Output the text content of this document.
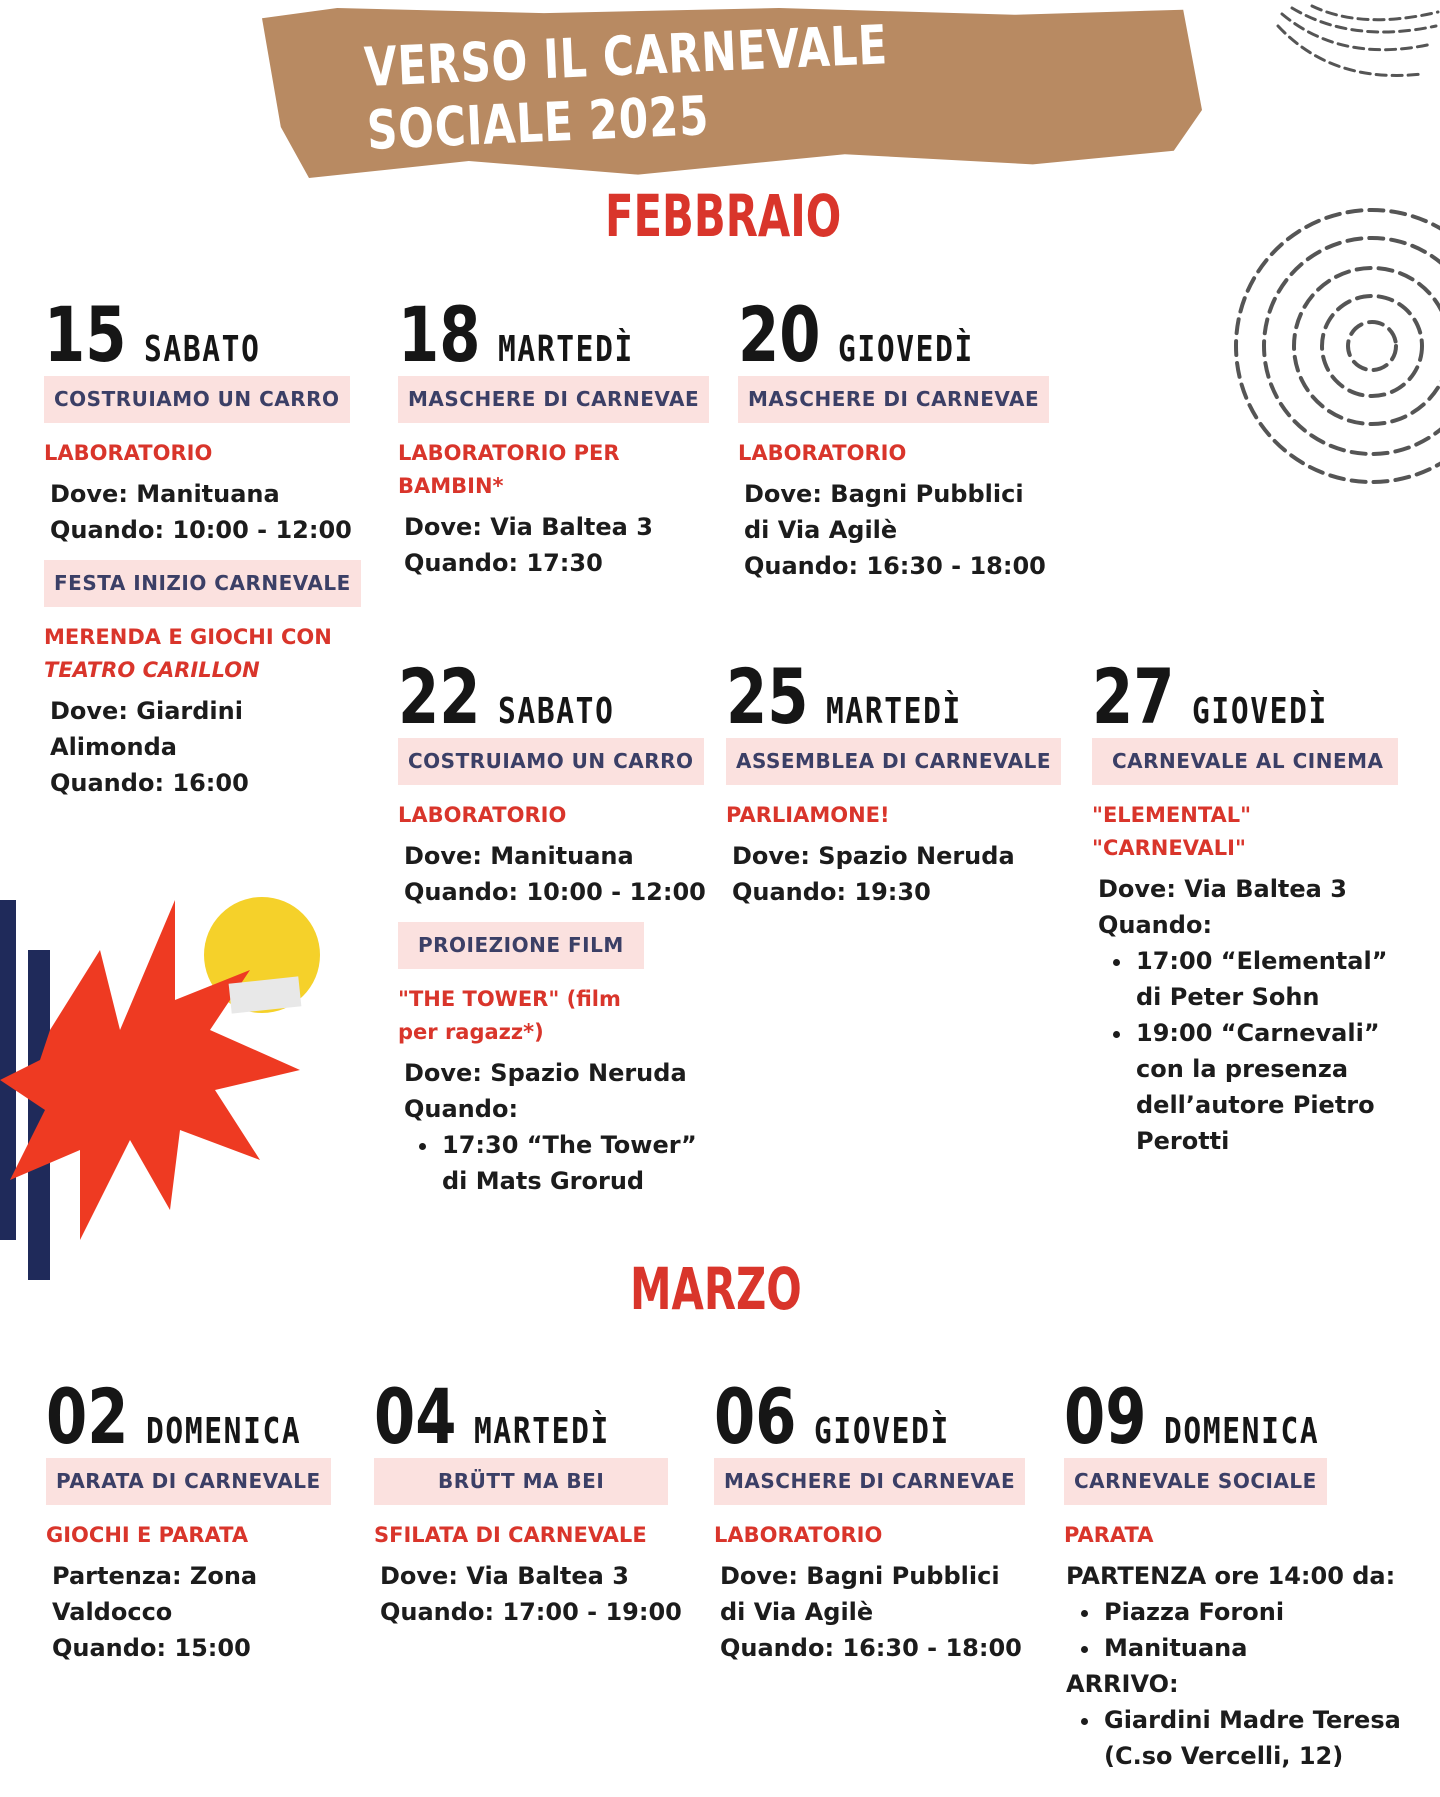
VERSO IL CARNEVALE SOCIALE 2025
FEBBRAIO
MARZO
15 SABATO
COSTRUIAMO UN CARRO
LABORATORIO
Dove: Manituana
Quando: 10:00 - 12:00
FESTA INIZIO CARNEVALE
MERENDA E GIOCHI CON
TEATRO CARILLON
Dove: Giardini Alimonda
Quando: 16:00
18 MARTEDÌ
MASCHERE DI CARNEVAE
LABORATORIO PER
BAMBIN*
Dove: Via Baltea 3
Quando: 17:30
20 GIOVEDÌ
MASCHERE DI CARNEVAE
LABORATORIO
Dove: Bagni Pubblici
di Via Agilè
Quando: 16:30 - 18:00
22 SABATO
COSTRUIAMO UN CARRO
LABORATORIO
Dove: Manituana
Quando: 10:00 - 12:00
PROIEZIONE FILM
"THE TOWER" (film
per ragazz*)
Dove: Spazio Neruda
Quando:
• 17:30 “The Tower” di Mats Grorud
25 MARTEDÌ
ASSEMBLEA DI CARNEVALE
PARLIAMONE!
Dove: Spazio Neruda
Quando: 19:30
27 GIOVEDÌ
CARNEVALE AL CINEMA
"ELEMENTAL"
"CARNEVALI"
Dove: Via Baltea 3
Quando:
• 17:00 “Elemental” di Peter Sohn
• 19:00 “Carnevali” con la presenza dell’autore Pietro Perotti
02 DOMENICA
PARATA DI CARNEVALE
GIOCHI E PARATA
Partenza: Zona
Valdocco
Quando: 15:00
04 MARTEDÌ
BRÜTT MA BEI
SFILATA DI CARNEVALE
Dove: Via Baltea 3
Quando: 17:00 - 19:00
06 GIOVEDÌ
MASCHERE DI CARNEVAE
LABORATORIO
Dove: Bagni Pubblici
di Via Agilè
Quando: 16:30 - 18:00
09 DOMENICA
CARNEVALE SOCIALE
PARATA
PARTENZA ore 14:00 da:
• Piazza Foroni
• Manituana
ARRIVO:
• Giardini Madre Teresa (C.so Vercelli, 12)
